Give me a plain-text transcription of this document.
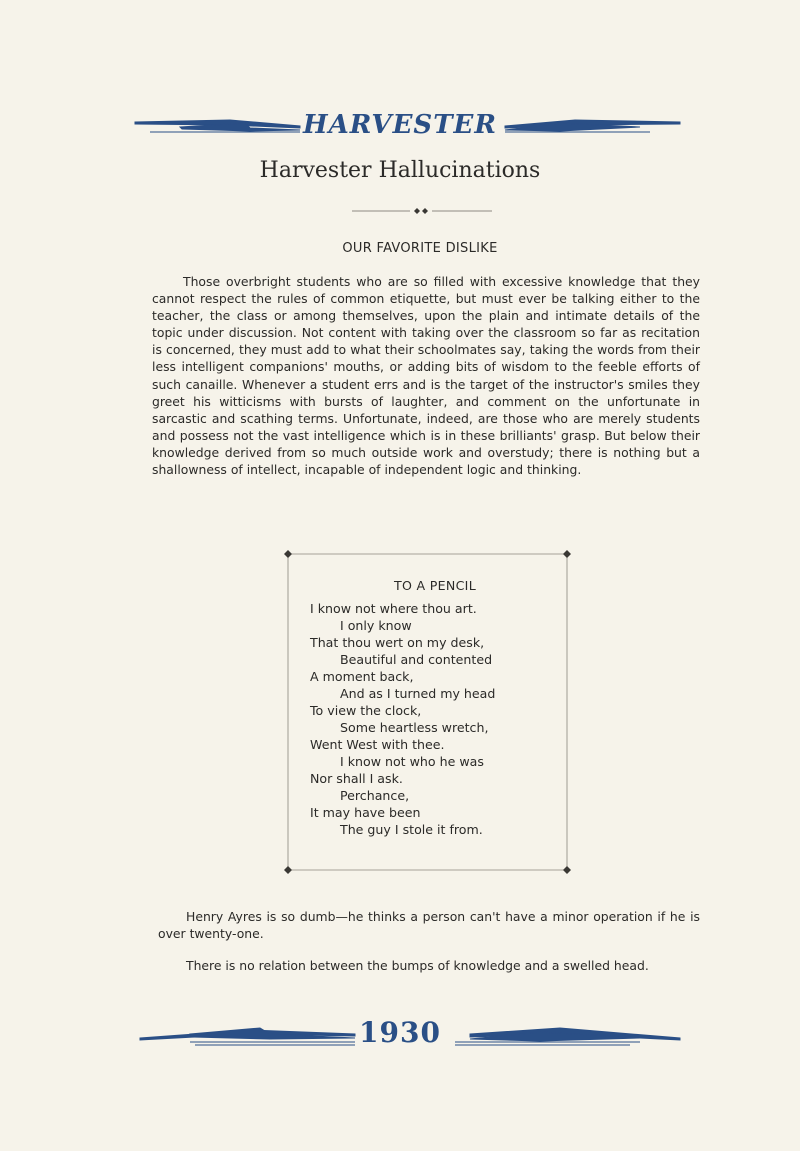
HARVESTER
Harvester Hallucinations
OUR FAVORITE DISLIKE
Those overbright students who are so filled with excessive knowledge that they cannot respect the rules of common etiquette, but must ever be talking either to the teacher, the class or among themselves, upon the plain and intimate details of the topic under discussion. Not content with taking over the classroom so far as recitation is concerned, they must add to what their schoolmates say, taking the words from their less intelligent companions' mouths, or adding bits of wisdom to the feeble efforts of such canaille. Whenever a student errs and is the target of the instructor's smiles they greet his witticisms with bursts of laughter, and comment on the unfortunate in sarcastic and scathing terms. Unfortunate, indeed, are those who are merely students and possess not the vast intelligence which is in these brilliants' grasp. But below their knowledge derived from so much outside work and overstudy; there is nothing but a shallowness of intellect, incapable of independent logic and thinking.
TO A PENCIL
I know not where thou art.
I only know
That thou wert on my desk,
Beautiful and contented
A moment back,
And as I turned my head
To view the clock,
Some heartless wretch,
Went West with thee.
I know not who he was
Nor shall I ask.
Perchance,
It may have been
The guy I stole it from.
Henry Ayres is so dumb—he thinks a person can't have a minor operation if he is over twenty-one.
There is no relation between the bumps of knowledge and a swelled head.
1930
